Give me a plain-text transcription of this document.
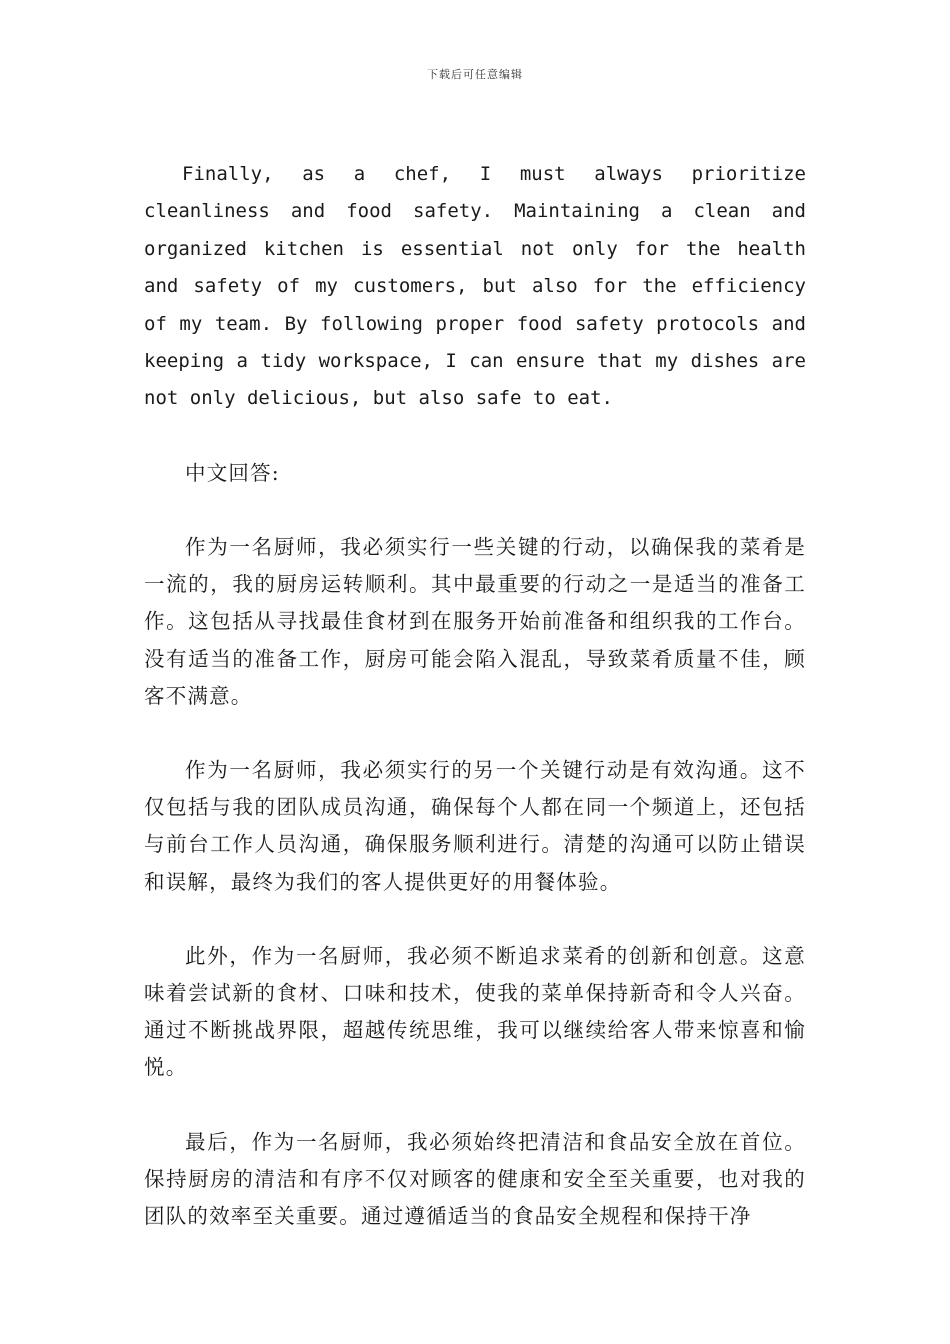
下载后可任意编辑

Finally, as a chef, I must always prioritize cleanliness and food safety. Maintaining a clean and organized kitchen is essential not only for the health and safety of my customers, but also for the efficiency of my team. By following proper food safety protocols and keeping a tidy workspace, I can ensure that my dishes are not only delicious, but also safe to eat.

中文回答:

作为一名厨师，我必须实行一些关键的行动，以确保我的菜肴是一流的，我的厨房运转顺利。其中最重要的行动之一是适当的准备工作。这包括从寻找最佳食材到在服务开始前准备和组织我的工作台。没有适当的准备工作，厨房可能会陷入混乱，导致菜肴质量不佳，顾客不满意。

作为一名厨师，我必须实行的另一个关键行动是有效沟通。这不仅包括与我的团队成员沟通，确保每个人都在同一个频道上，还包括与前台工作人员沟通，确保服务顺利进行。清楚的沟通可以防止错误和误解，最终为我们的客人提供更好的用餐体验。

此外，作为一名厨师，我必须不断追求菜肴的创新和创意。这意味着尝试新的食材、口味和技术，使我的菜单保持新奇和令人兴奋。通过不断挑战界限，超越传统思维，我可以继续给客人带来惊喜和愉悦。

最后，作为一名厨师，我必须始终把清洁和食品安全放在首位。保持厨房的清洁和有序不仅对顾客的健康和安全至关重要，也对我的团队的效率至关重要。通过遵循适当的食品安全规程和保持干净
